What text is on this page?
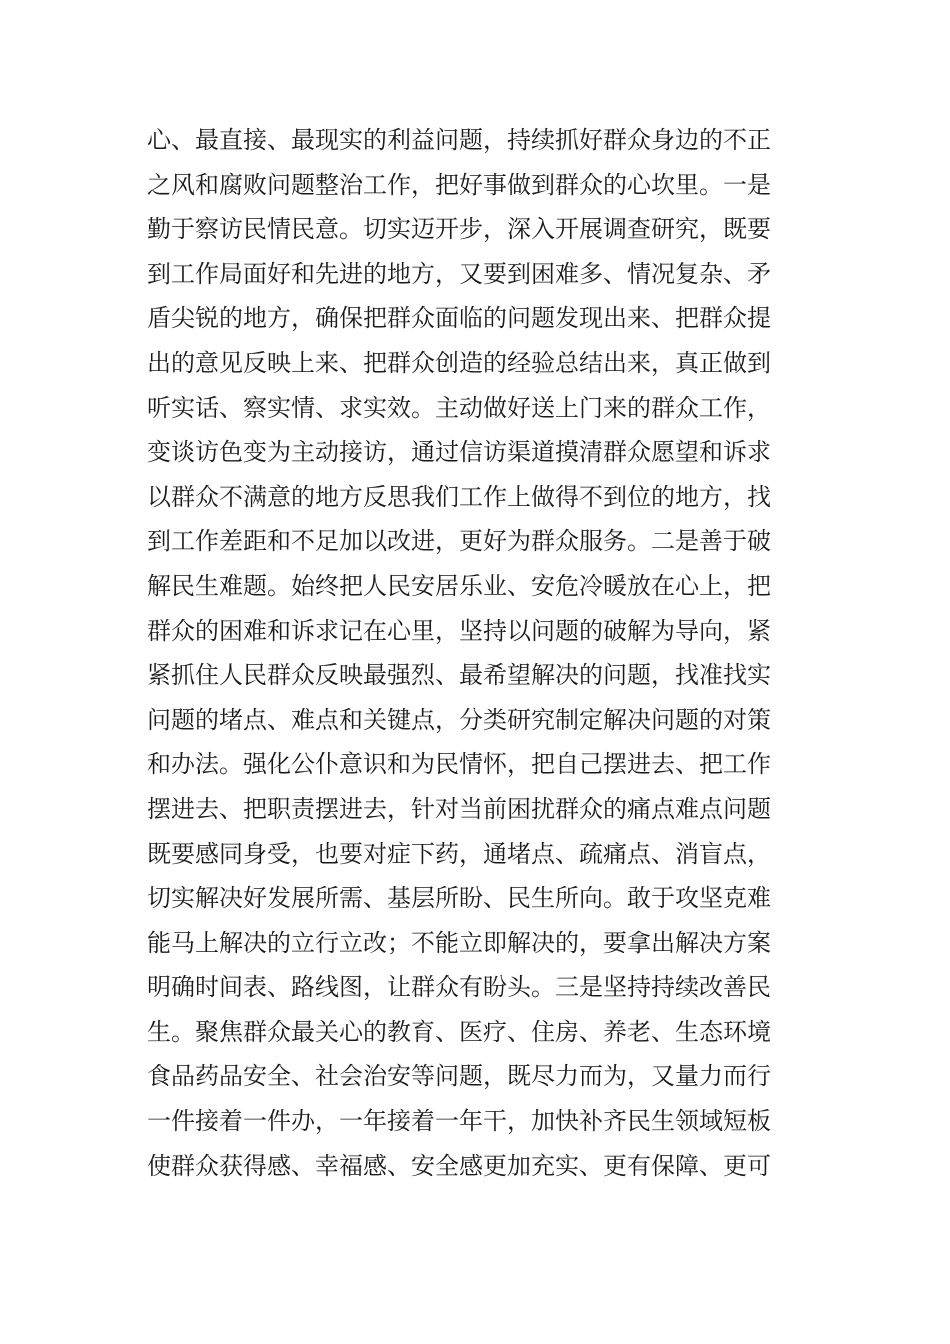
心、最直接、最现实的利益问题，持续抓好群众身边的不正
之风和腐败问题整治工作，把好事做到群众的心坎里。一是
勤于察访民情民意。切实迈开步，深入开展调查研究，既要
到工作局面好和先进的地方，又要到困难多、情况复杂、矛
盾尖锐的地方，确保把群众面临的问题发现出来、把群众提
出的意见反映上来、把群众创造的经验总结出来，真正做到
听实话、察实情、求实效。主动做好送上门来的群众工作，
变谈访色变为主动接访，通过信访渠道摸清群众愿望和诉求
以群众不满意的地方反思我们工作上做得不到位的地方，找
到工作差距和不足加以改进，更好为群众服务。二是善于破
解民生难题。始终把人民安居乐业、安危冷暖放在心上，把
群众的困难和诉求记在心里，坚持以问题的破解为导向，紧
紧抓住人民群众反映最强烈、最希望解决的问题，找准找实
问题的堵点、难点和关键点，分类研究制定解决问题的对策
和办法。强化公仆意识和为民情怀，把自己摆进去、把工作
摆进去、把职责摆进去，针对当前困扰群众的痛点难点问题
既要感同身受，也要对症下药，通堵点、疏痛点、消盲点，
切实解决好发展所需、基层所盼、民生所向。敢于攻坚克难
能马上解决的立行立改；不能立即解决的，要拿出解决方案
明确时间表、路线图，让群众有盼头。三是坚持持续改善民
生。聚焦群众最关心的教育、医疗、住房、养老、生态环境
食品药品安全、社会治安等问题，既尽力而为，又量力而行
一件接着一件办，一年接着一年干，加快补齐民生领域短板
使群众获得感、幸福感、安全感更加充实、更有保障、更可
